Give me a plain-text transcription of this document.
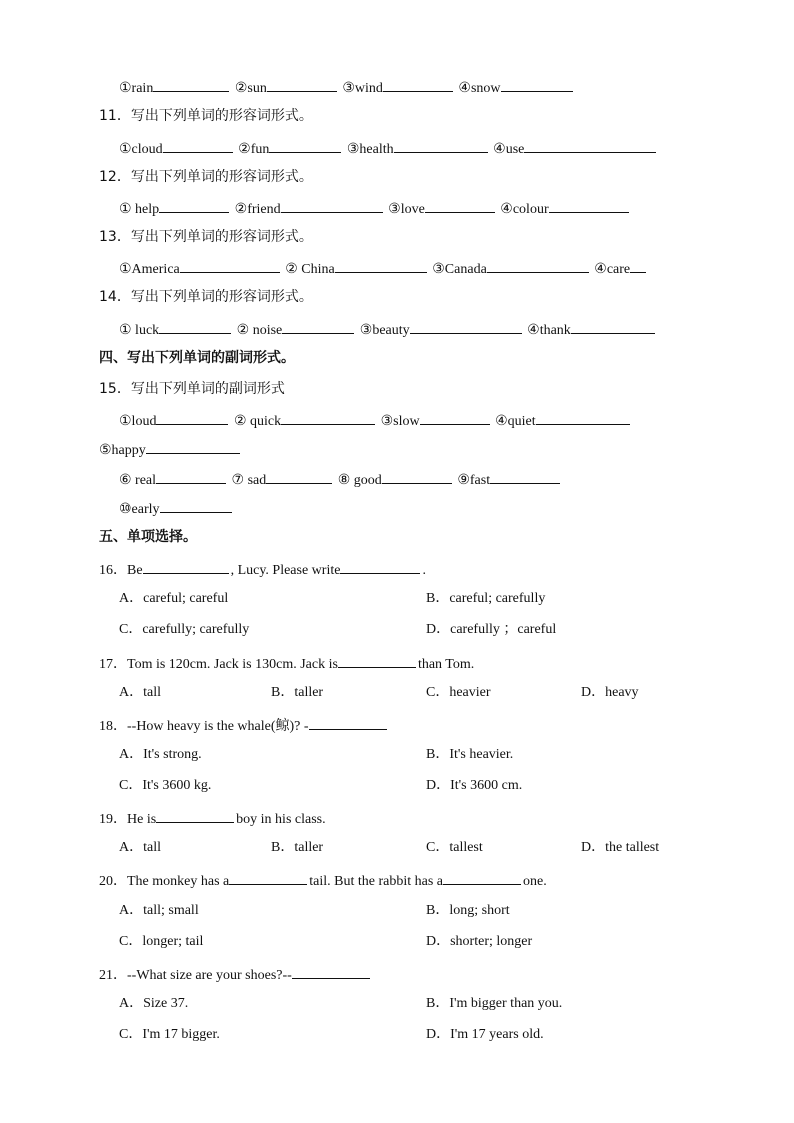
①rain	②sun	③wind	④snow
11．写出下列单词的形容词形式。
①cloud	②fun	③health	④use
12．写出下列单词的形容词形式。
① help	②friend	③love	④colour
13．写出下列单词的形容词形式。
①America	② China	③Canada	④care
14．写出下列单词的形容词形式。
① luck	② noise	③beauty	④thank
四、写出下列单词的副词形式。
15．写出下列单词的副词形式
①loud	② quick	③slow	④quiet
⑤happy
⑥ real	⑦ sad	⑧ good	⑨fast
⑩early
五、单项选择。
16．Be	, Lucy. Please write	.
A．careful; careful	B．careful; carefully
C．carefully; carefully	D．carefully ；careful
17．Tom is 120cm. Jack is 130cm. Jack is	than Tom.
A．tall	B．taller	C．heavier	D．heavy
18．--How heavy is the whale(鲸)? -
A．It's strong.	B．It's heavier.
C．It's 3600 kg.	D．It's 3600 cm.
19．He is	boy in his class.
A．tall	B．taller	C．tallest	D．the tallest
20．The monkey has a	tail. But the rabbit has a	one.
A．tall; small	B．long; short
C．longer; tail	D．shorter; longer
21．--What size are your shoes?--
A．Size 37.	B．I'm bigger than you.
C．I'm 17 bigger.	D．I'm 17 years old.
